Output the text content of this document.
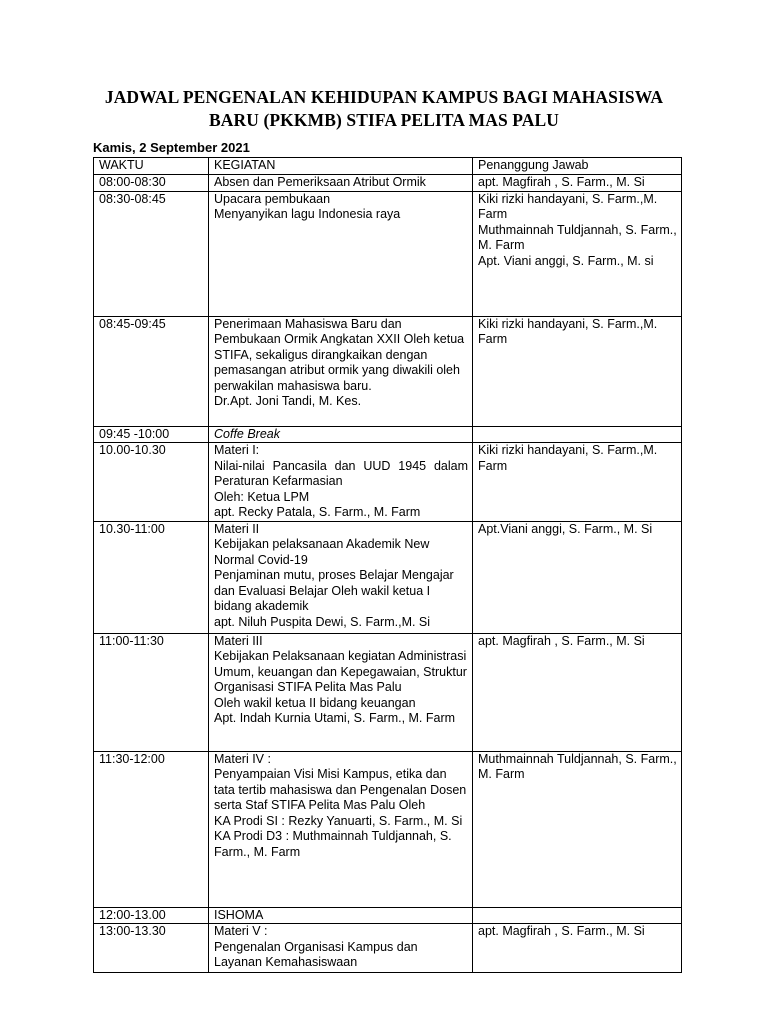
JADWAL PENGENALAN KEHIDUPAN KAMPUS BAGI MAHASISWA
BARU (PKKMB) STIFA PELITA MAS PALU
Kamis, 2 September 2021
WAKTU	KEGIATAN	Penanggung Jawab
08:00-08:30	Absen dan Pemeriksaan Atribut Ormik	apt. Magfirah , S. Farm., M. Si

08:30-08:45	Upacara pembukaan
Menyanyikan lagu Indonesia raya	Kiki rizki handayani, S. Farm.,M. Farm
Muthmainnah Tuldjannah, S. Farm., M. Farm
Apt. Viani anggi, S. Farm., M. si

08:45-09:45	Penerimaan Mahasiswa Baru dan Pembukaan Ormik Angkatan XXII Oleh ketua STIFA, sekaligus dirangkaikan dengan pemasangan atribut ormik yang diwakili oleh perwakilan mahasiswa baru.
Dr.Apt. Joni Tandi, M. Kes.	Kiki rizki handayani, S. Farm.,M. Farm

09:45 -10:00	Coffe Break	

10.00-10.30	Materi I:
Nilai-nilai Pancasila dan UUD 1945 dalam Peraturan Kefarmasian
Oleh: Ketua LPM
apt. Recky Patala, S. Farm., M. Farm	Kiki rizki handayani, S. Farm.,M. Farm

10.30-11:00	Materi II
Kebijakan pelaksanaan Akademik New Normal Covid-19
Penjaminan mutu, proses Belajar Mengajar dan Evaluasi Belajar Oleh wakil ketua I bidang akademik
apt. Niluh Puspita Dewi, S. Farm.,M. Si	Apt.Viani anggi, S. Farm., M. Si

11:00-11:30	Materi III
Kebijakan Pelaksanaan kegiatan Administrasi Umum, keuangan dan Kepegawaian, Struktur Organisasi STIFA Pelita Mas Palu
Oleh wakil ketua II bidang keuangan
Apt. Indah Kurnia Utami, S. Farm., M. Farm	apt. Magfirah , S. Farm., M. Si

11:30-12:00	Materi IV :
Penyampaian Visi Misi Kampus, etika dan tata tertib mahasiswa dan Pengenalan Dosen serta Staf STIFA Pelita Mas Palu Oleh
KA Prodi SI : Rezky Yanuarti, S. Farm., M. Si
KA Prodi D3 : Muthmainnah Tuldjannah, S. Farm., M. Farm	Muthmainnah Tuldjannah, S. Farm., M. Farm

12:00-13.00	ISHOMA	

13:00-13.30	Materi V :
Pengenalan Organisasi Kampus dan Layanan Kemahasiswaan	apt. Magfirah , S. Farm., M. Si
